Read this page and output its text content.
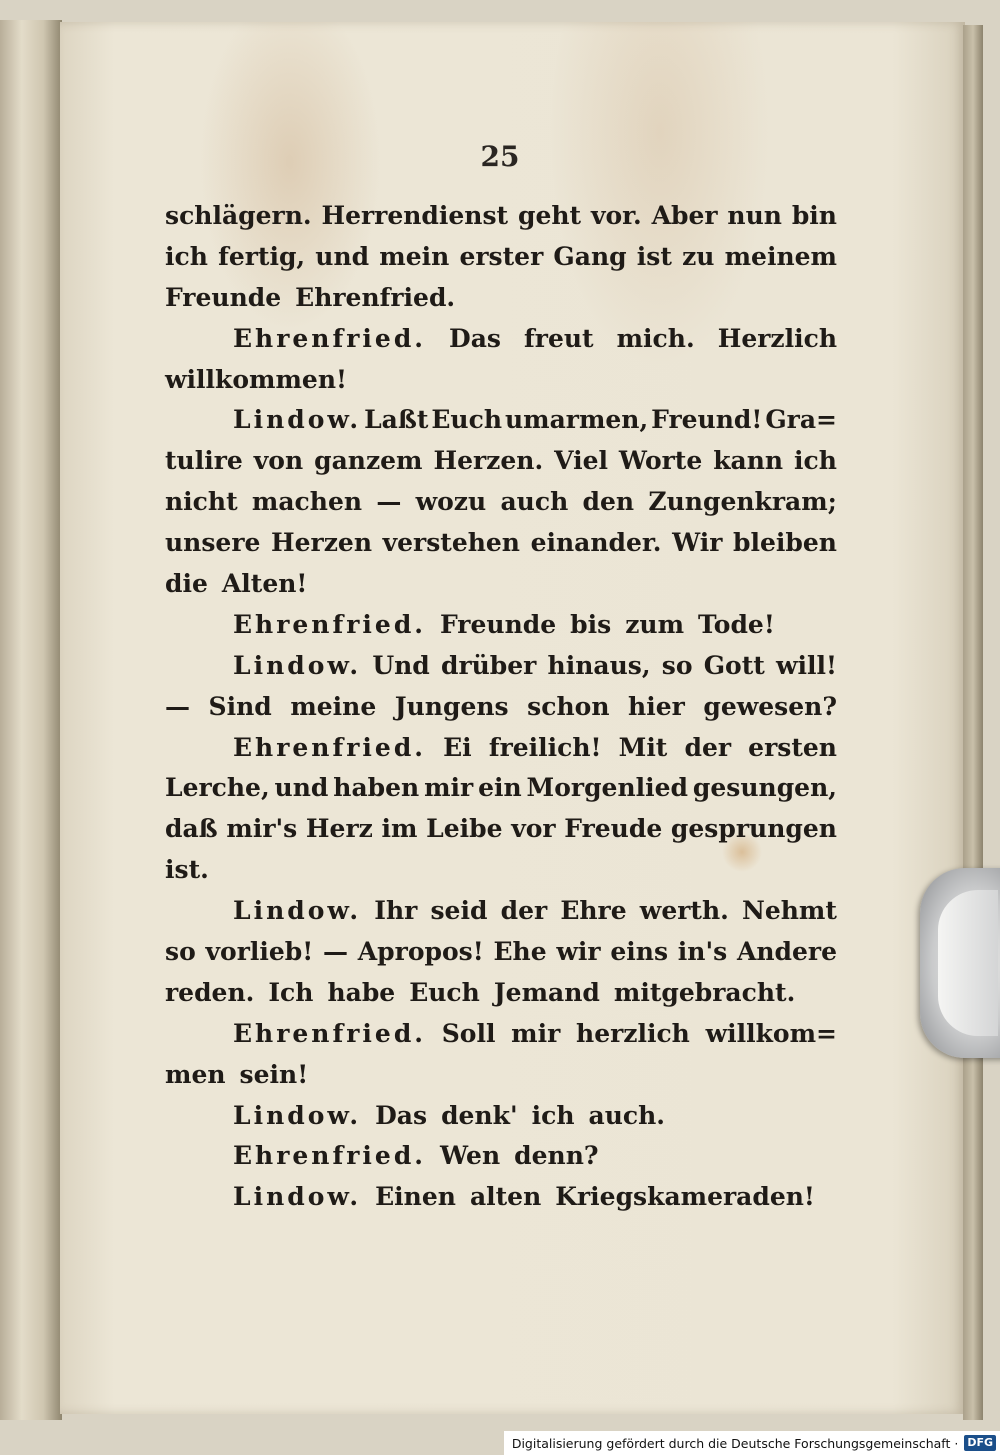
25
schlägern. Herrendienst geht vor. Aber nun bin
ich fertig, und mein erster Gang ist zu meinem
Freunde Ehrenfried.
Ehrenfried. Das freut mich. Herzlich
willkommen!
Lindow. Laßt Euch umarmen, Freund! Gra=
tulire von ganzem Herzen. Viel Worte kann ich
nicht machen — wozu auch den Zungenkram;
unsere Herzen verstehen einander. Wir bleiben
die Alten!
Ehrenfried. Freunde bis zum Tode!
Lindow. Und drüber hinaus, so Gott will!
— Sind meine Jungens schon hier gewesen?
Ehrenfried. Ei freilich! Mit der ersten
Lerche, und haben mir ein Morgenlied gesungen,
daß mir's Herz im Leibe vor Freude gesprungen
ist.
Lindow. Ihr seid der Ehre werth. Nehmt
so vorlieb! — Apropos! Ehe wir eins in's Andere
reden. Ich habe Euch Jemand mitgebracht.
Ehrenfried. Soll mir herzlich willkom=
men sein!
Lindow. Das denk' ich auch.
Ehrenfried. Wen denn?
Lindow. Einen alten Kriegskameraden!
Digitalisierung gefördert durch die Deutsche Forschungsgemeinschaft · DFG
